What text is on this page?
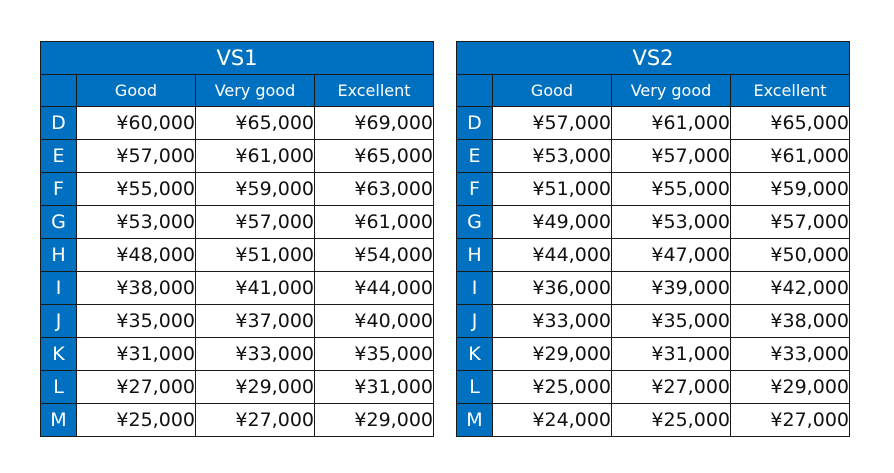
VS1			
	Good	Very good	Excellent
D	¥60,000	¥65,000	¥69,000
E	¥57,000	¥61,000	¥65,000
F	¥55,000	¥59,000	¥63,000
G	¥53,000	¥57,000	¥61,000
H	¥48,000	¥51,000	¥54,000
I	¥38,000	¥41,000	¥44,000
J	¥35,000	¥37,000	¥40,000
K	¥31,000	¥33,000	¥35,000
L	¥27,000	¥29,000	¥31,000
M	¥25,000	¥27,000	¥29,000
VS2			
	Good	Very good	Excellent
D	¥57,000	¥61,000	¥65,000
E	¥53,000	¥57,000	¥61,000
F	¥51,000	¥55,000	¥59,000
G	¥49,000	¥53,000	¥57,000
H	¥44,000	¥47,000	¥50,000
I	¥36,000	¥39,000	¥42,000
J	¥33,000	¥35,000	¥38,000
K	¥29,000	¥31,000	¥33,000
L	¥25,000	¥27,000	¥29,000
M	¥24,000	¥25,000	¥27,000
